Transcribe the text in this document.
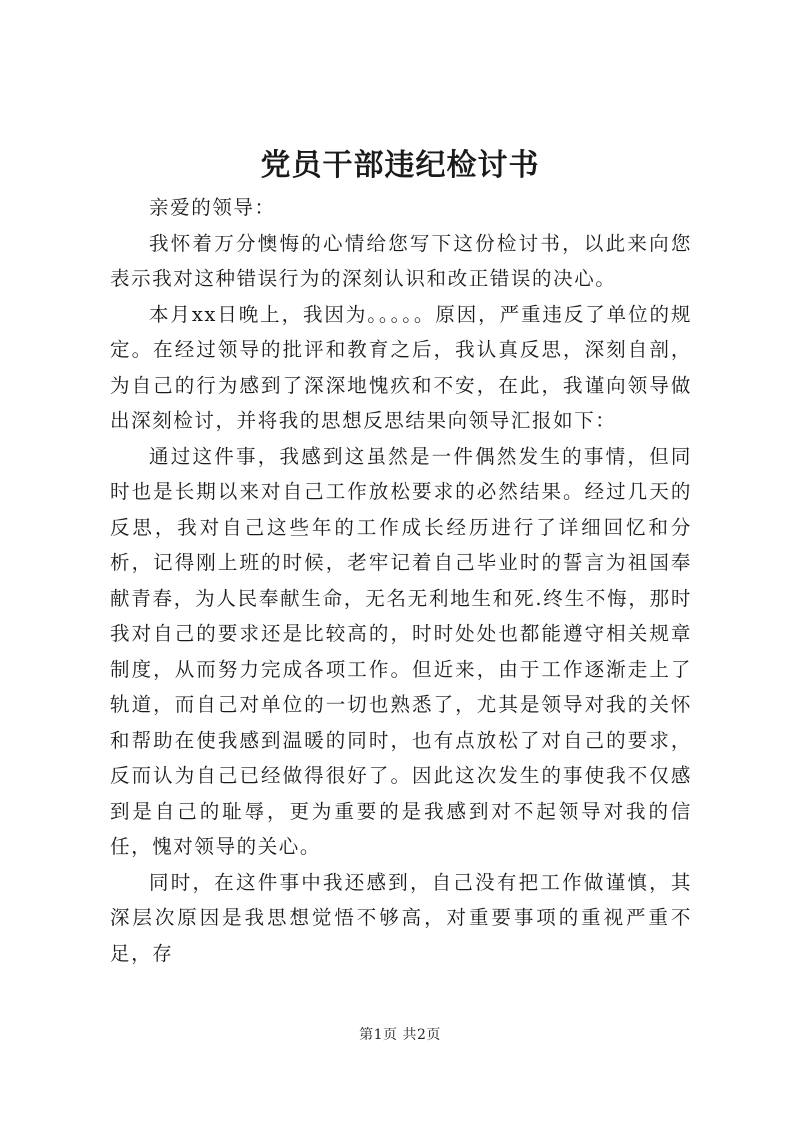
党员干部违纪检讨书

亲爱的领导：

我怀着万分懊悔的心情给您写下这份检讨书，以此来向您表示我对这种错误行为的深刻认识和改正错误的决心。

本月xx日晚上，我因为。。。。。原因，严重违反了单位的规定。在经过领导的批评和教育之后，我认真反思，深刻自剖，为自己的行为感到了深深地愧疚和不安，在此，我谨向领导做出深刻检讨，并将我的思想反思结果向领导汇报如下：

通过这件事，我感到这虽然是一件偶然发生的事情，但同时也是长期以来对自己工作放松要求的必然结果。经过几天的反思，我对自己这些年的工作成长经历进行了详细回忆和分析，记得刚上班的时候，老牢记着自己毕业时的誓言为祖国奉献青春，为人民奉献生命，无名无利地生和死.终生不悔，那时我对自己的要求还是比较高的，时时处处也都能遵守相关规章制度，从而努力完成各项工作。但近来，由于工作逐渐走上了轨道，而自己对单位的一切也熟悉了，尤其是领导对我的关怀和帮助在使我感到温暖的同时，也有点放松了对自己的要求，反而认为自己已经做得很好了。因此这次发生的事使我不仅感到是自己的耻辱，更为重要的是我感到对不起领导对我的信任，愧对领导的关心。

同时，在这件事中我还感到，自己没有把工作做谨慎，其深层次原因是我思想觉悟不够高，对重要事项的重视严重不足，存

第1页 共2页
